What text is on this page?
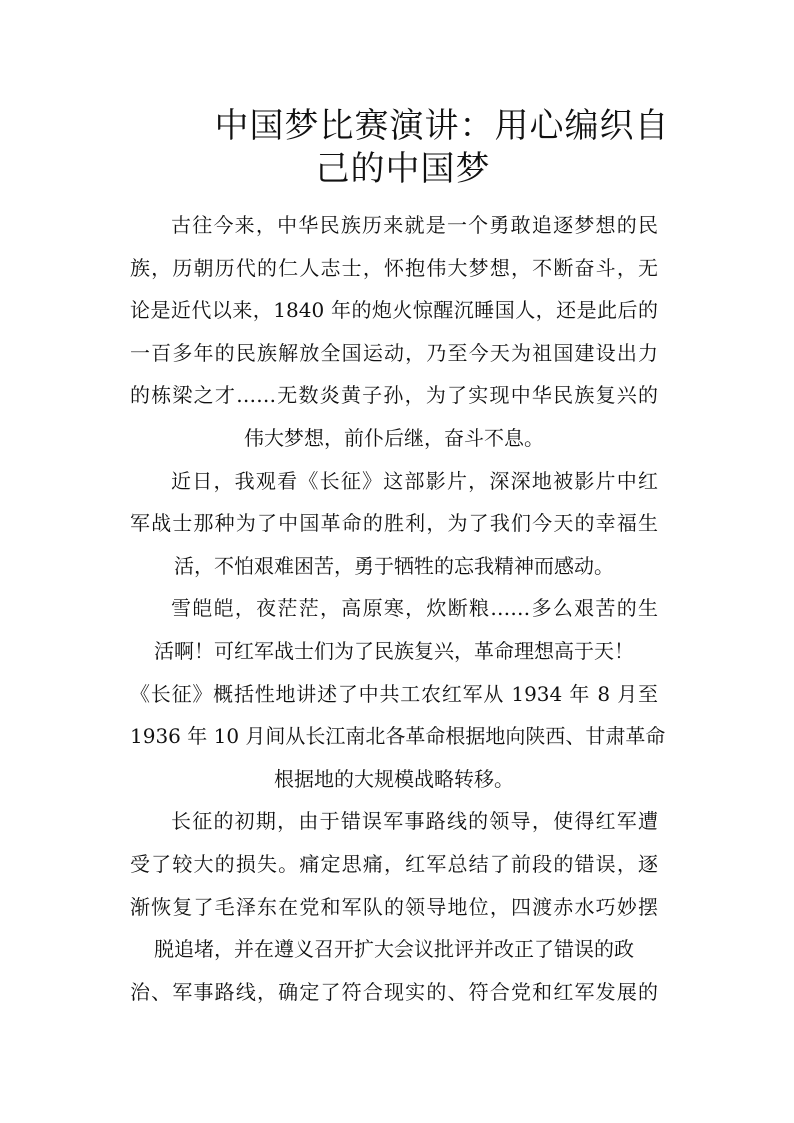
中国梦比赛演讲：用心编织自
己的中国梦
古往今来，中华民族历来就是一个勇敢追逐梦想的民
族，历朝历代的仁人志士，怀抱伟大梦想，不断奋斗，无
论是近代以来，1840 年的炮火惊醒沉睡国人，还是此后的
一百多年的民族解放全国运动，乃至今天为祖国建设出力
的栋梁之才……无数炎黄子孙，为了实现中华民族复兴的
伟大梦想，前仆后继，奋斗不息。
近日，我观看《长征》这部影片，深深地被影片中红
军战士那种为了中国革命的胜利，为了我们今天的幸福生
活，不怕艰难困苦，勇于牺牲的忘我精神而感动。
雪皑皑，夜茫茫，高原寒，炊断粮……多么艰苦的生
活啊！可红军战士们为了民族复兴，革命理想高于天！
《长征》概括性地讲述了中共工农红军从 1934 年 8 月至
1936 年 10 月间从长江南北各革命根据地向陕西、甘肃革命
根据地的大规模战略转移。
长征的初期，由于错误军事路线的领导，使得红军遭
受了较大的损失。痛定思痛，红军总结了前段的错误，逐
渐恢复了毛泽东在党和军队的领导地位，四渡赤水巧妙摆
脱追堵，并在遵义召开扩大会议批评并改正了错误的政
治、军事路线，确定了符合现实的、符合党和红军发展的
